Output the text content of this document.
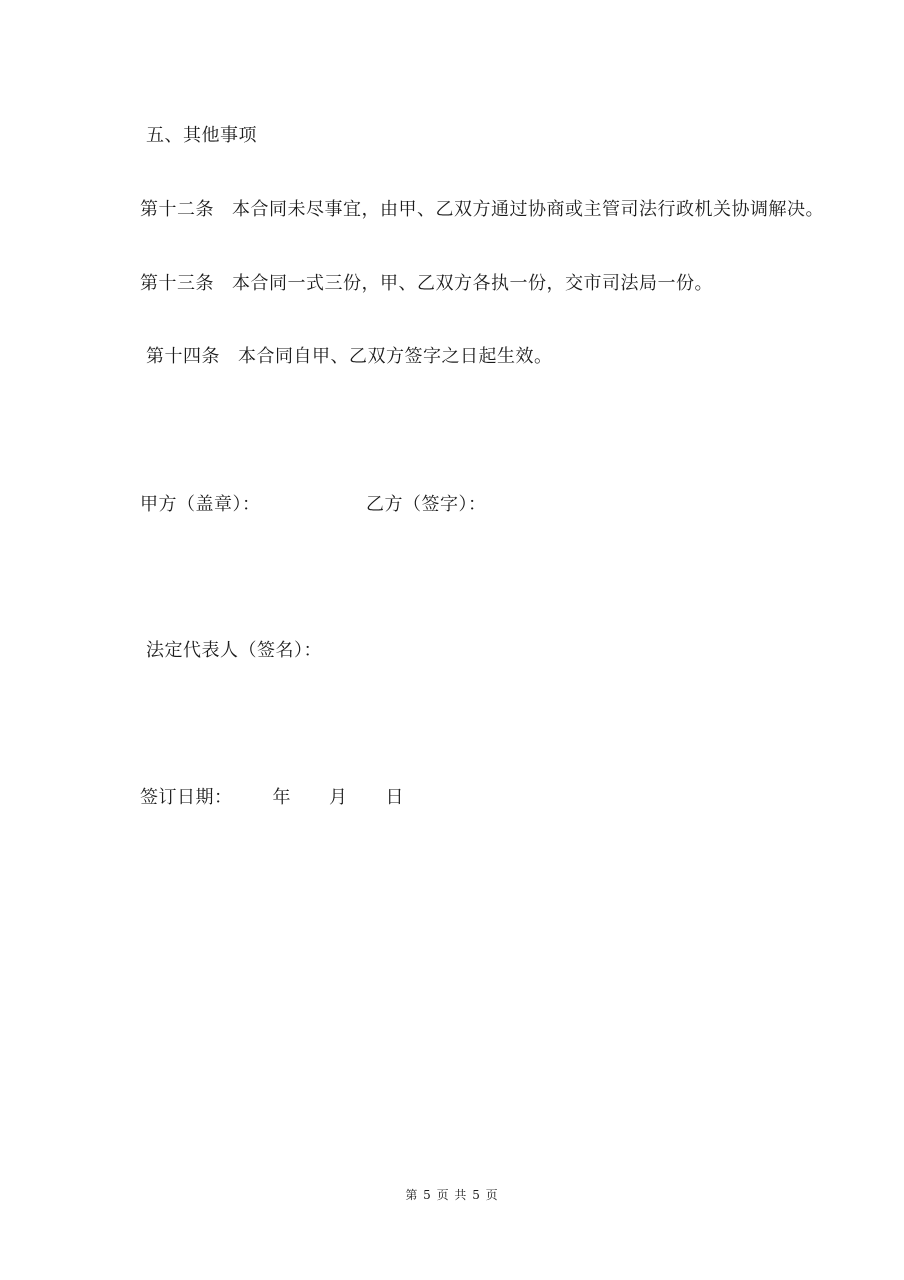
五、其他事项
第十二条 本合同未尽事宜，由甲、乙双方通过协商或主管司法行政机关协调解决。
第十三条 本合同一式三份，甲、乙双方各执一份，交市司法局一份。
第十四条 本合同自甲、乙双方签字之日起生效。
甲方（盖章）：	乙方（签字）：
法定代表人（签名）：
签订日期： 年 月 日
第 5 页 共 5 页
